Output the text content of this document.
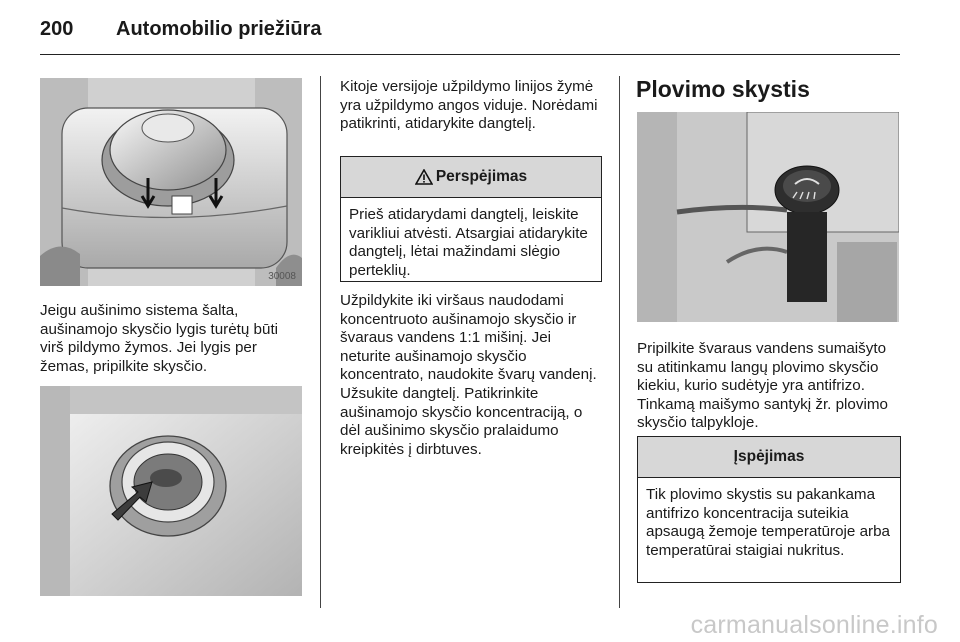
200 Automobilio priežiūra
30008

Jeigu aušinimo sistema šalta, aušinamojo skysčio lygis turėtų būti virš pildymo žymos. Jei lygis per žemas, pripilkite skysčio.

Kitoje versijoje užpildymo linijos žymė yra užpildymo angos viduje. Norėdami patikrinti, atidarykite dangtelį.

Perspėjimas
Prieš atidarydami dangtelį, leiskite varikliui atvėsti. Atsargiai atidarykite dangtelį, lėtai mažindami slėgio perteklių.

Užpildykite iki viršaus naudodami koncentruoto aušinamojo skysčio ir švaraus vandens 1:1 mišinį. Jei neturite aušinamojo skysčio koncentrato, naudokite švarų vandenį. Užsukite dangtelį. Patikrinkite aušinamojo skysčio koncentraciją, o dėl aušinimo skysčio pralaidumo kreipkitės į dirbtuves.

Plovimo skystis

Pripilkite švaraus vandens sumaišyto su atitinkamu langų plovimo skysčio kiekiu, kurio sudėtyje yra antifrizo. Tinkamą maišymo santykį žr. plovimo skysčio talpykloje.

Įspėjimas
Tik plovimo skystis su pakankama antifrizo koncentracija suteikia apsaugą žemoje temperatūroje arba temperatūrai staigiai nukritus.
carmanualsonline.info
